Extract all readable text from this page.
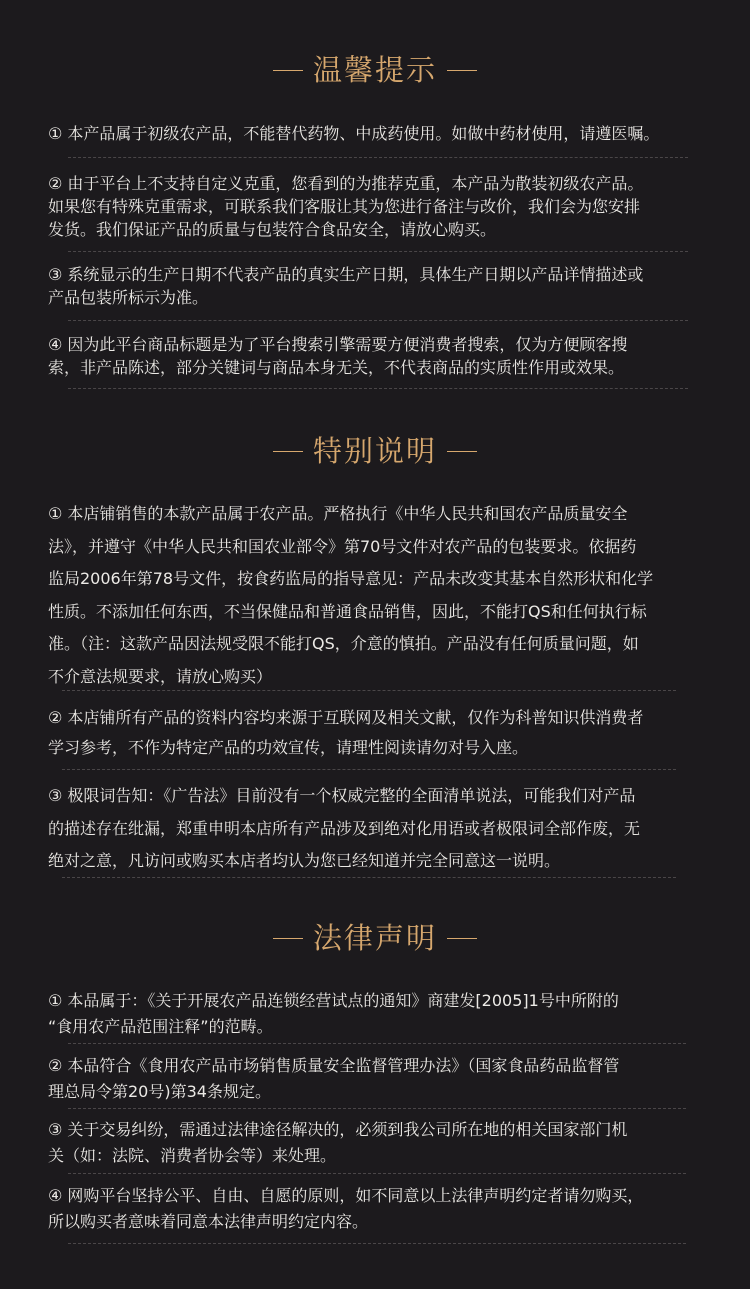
温馨提示
① 本产品属于初级农产品，不能替代药物、中成药使用。如做中药材使用，请遵医嘱。
② 由于平台上不支持自定义克重，您看到的为推荐克重，本产品为散装初级农产品。
如果您有特殊克重需求，可联系我们客服让其为您进行备注与改价，我们会为您安排
发货。我们保证产品的质量与包装符合食品安全，请放心购买。
③ 系统显示的生产日期不代表产品的真实生产日期，具体生产日期以产品详情描述或
产品包装所标示为准。
④ 因为此平台商品标题是为了平台搜索引擎需要方便消费者搜索，仅为方便顾客搜
索，非产品陈述，部分关键词与商品本身无关，不代表商品的实质性作用或效果。
特别说明
① 本店铺销售的本款产品属于农产品。严格执行《中华人民共和国农产品质量安全
法》，并遵守《中华人民共和国农业部令》第70号文件对农产品的包装要求。依据药
监局2006年第78号文件，按食药监局的指导意见：产品未改变其基本自然形状和化学
性质。不添加任何东西，不当保健品和普通食品销售，因此，不能打QS和任何执行标
准。（注：这款产品因法规受限不能打QS，介意的慎拍。产品没有任何质量问题，如
不介意法规要求，请放心购买）
② 本店铺所有产品的资料内容均来源于互联网及相关文献，仅作为科普知识供消费者
学习参考，不作为特定产品的功效宣传，请理性阅读请勿对号入座。
③ 极限词告知：《广告法》目前没有一个权威完整的全面清单说法，可能我们对产品
的描述存在纰漏，郑重申明本店所有产品涉及到绝对化用语或者极限词全部作废，无
绝对之意，凡访问或购买本店者均认为您已经知道并完全同意这一说明。
法律声明
① 本品属于：《关于开展农产品连锁经营试点的通知》商建发[2005]1号中所附的
“食用农产品范围注释”的范畴。
② 本品符合《食用农产品市场销售质量安全监督管理办法》（国家食品药品监督管
理总局令第20号)第34条规定。
③ 关于交易纠纷，需通过法律途径解决的，必须到我公司所在地的相关国家部门机
关（如：法院、消费者协会等）来处理。
④ 网购平台坚持公平、自由、自愿的原则，如不同意以上法律声明约定者请勿购买，
所以购买者意味着同意本法律声明约定内容。
